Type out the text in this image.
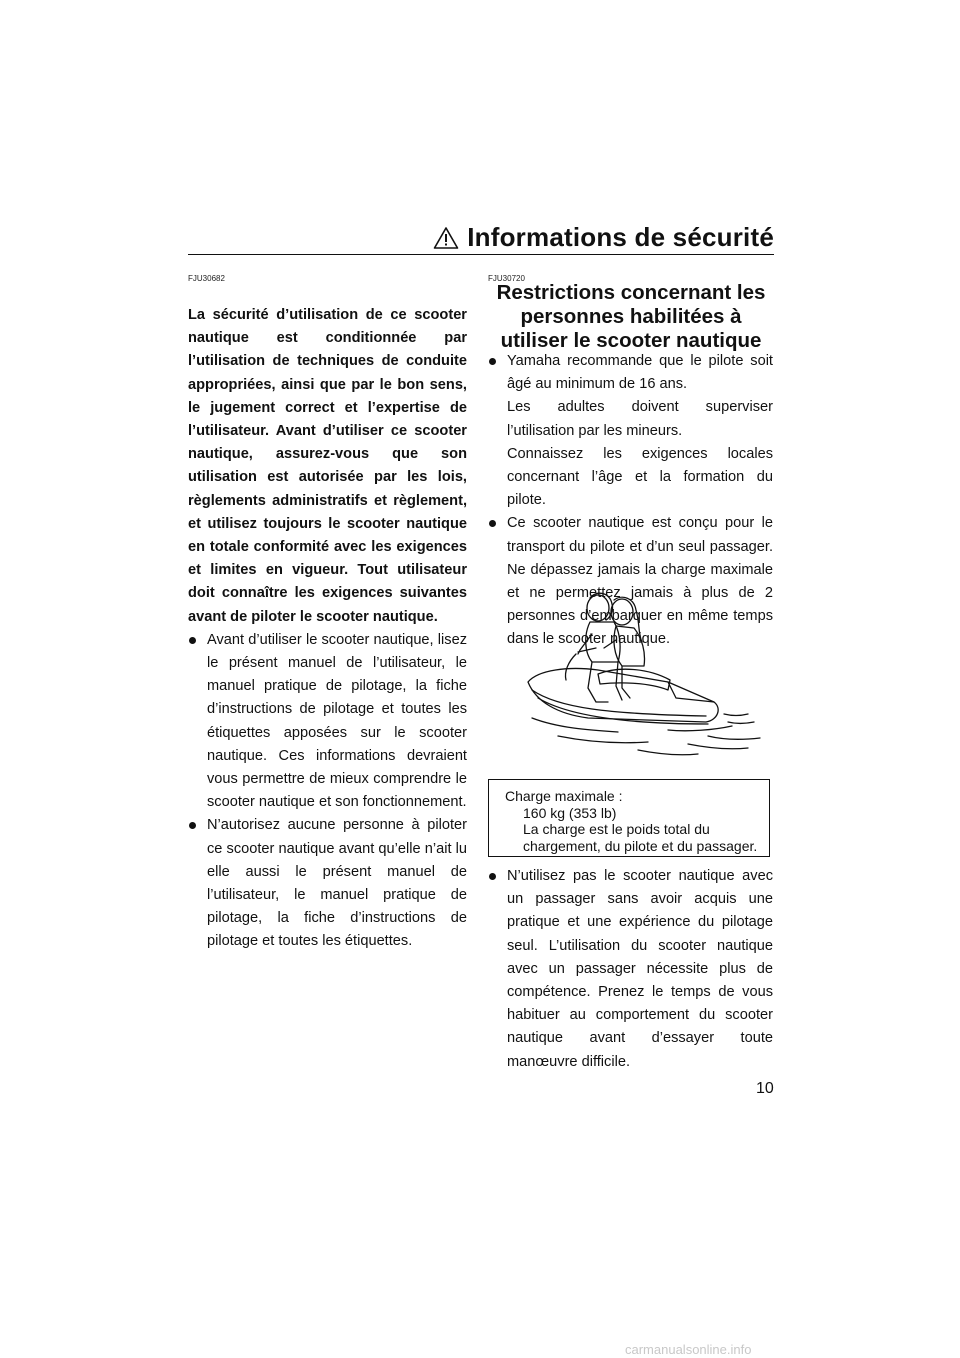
Informations de sécurité
FJU30682

La sécurité d’utilisation de ce scooter nautique est conditionnée par l’utilisation de techniques de conduite appropriées, ainsi que par le bon sens, le jugement correct et l’expertise de l’utilisateur. Avant d’utiliser ce scooter nautique, assurez-vous que son utilisation est autorisée par les lois, règlements administratifs et règlement, et utilisez toujours le scooter nautique en totale conformité avec les exigences et limites en vigueur. Tout utilisateur doit connaître les exigences suivantes avant de piloter le scooter nautique.

Avant d’utiliser le scooter nautique, lisez le présent manuel de l’utilisateur, le manuel pratique de pilotage, la fiche d’instructions de pilotage et toutes les étiquettes apposées sur le scooter nautique. Ces informations devraient vous permettre de mieux comprendre le scooter nautique et son fonctionnement.
N’autorisez aucune personne à piloter ce scooter nautique avant qu’elle n’ait lu elle aussi le présent manuel de l’utilisateur, le manuel pratique de pilotage, la fiche d’instructions de pilotage et toutes les étiquettes.
FJU30720
Restrictions concernant les personnes habilitées à utiliser le scooter nautique

Yamaha recommande que le pilote soit âgé au minimum de 16 ans.

Les adultes doivent superviser l’utilisation par les mineurs.

Connaissez les exigences locales concernant l’âge et la formation du pilote.

Ce scooter nautique est conçu pour le transport du pilote et d’un seul passager. Ne dépassez jamais la charge maximale et ne permettez jamais à plus de 2 personnes d’embarquer en même temps dans le scooter nautique.
Charge maximale :
160 kg (353 lb)
La charge est le poids total du chargement, du pilote et du passager.
N’utilisez pas le scooter nautique avec un passager sans avoir acquis une pratique et une expérience du pilotage seul. L’utilisation du scooter nautique avec un passager nécessite plus de compétence. Prenez le temps de vous habituer au comportement du scooter nautique avant d’essayer toute manœuvre difficile.
10
carmanualsonline.info
